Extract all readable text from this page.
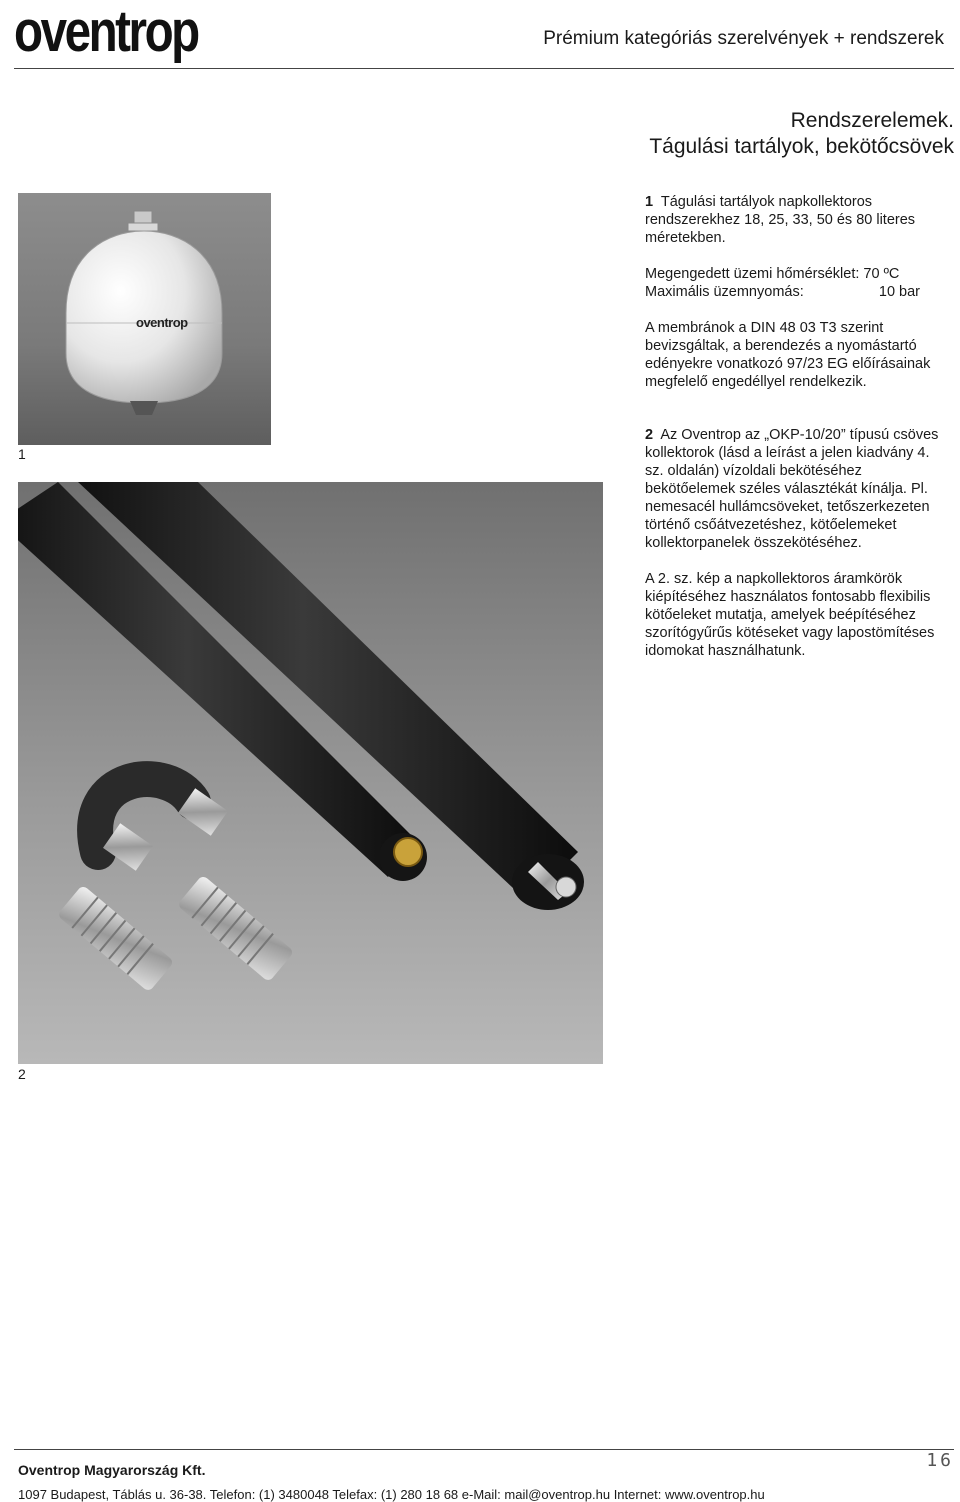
oventrop	Prémium kategóriás szerelvények + rendszerek
Rendszerelemek.
Tágulási tartályok, bekötőcsövek
oventrop
1
2

1 Tágulási tartályok napkollektoros rendszerekhez 18, 25, 33, 50 és 80 literes méretekben.

Megengedett üzemi hőmérséklet: 70 ºC

Maximális üzemnyomás:	10 bar

A membránok a DIN 48 03 T3 szerint bevizsgáltak, a berendezés a nyomástartó edényekre vonatkozó 97/23 EG előírásainak megfelelő engedéllyel rendelkezik.

2 Az Oventrop az „OKP-10/20” típusú csöves kollektorok (lásd a leírást a jelen kiadvány 4. sz. oldalán) vízoldali bekötéséhez bekötőelemek széles választékát kínálja. Pl. nemesacél hullámcsöveket, tetőszerkezeten történő csőátvezetéshez, kötőelemeket kollektorpanelek összekötéséhez.

A 2. sz. kép a napkollektoros áramkörök kiépítéséhez használatos fontosabb flexibilis kötőeleket mutatja, amelyek beépítéséhez szorítógyűrűs kötéseket vagy lapostömítéses idomokat használhatunk.

16
Oventrop Magyarország Kft.
1097 Budapest, Táblás u. 36-38. Telefon: (1) 3480048 Telefax: (1) 280 18 68 e-Mail: mail@oventrop.hu Internet: www.oventrop.hu
